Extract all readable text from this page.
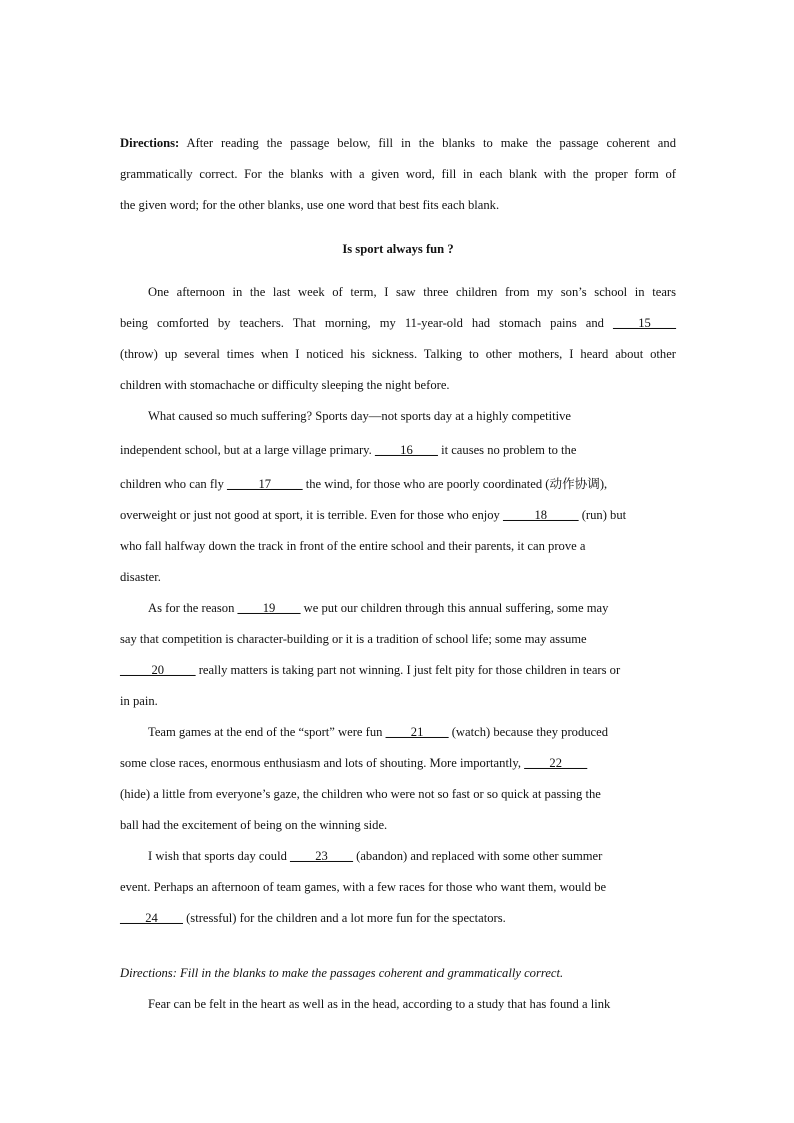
Directions: After reading the passage below, fill in the blanks to make the passage coherent and

grammatically correct. For the blanks with a given word, fill in each blank with the proper form of

the given word; for the other blanks, use one word that best fits each blank.

Is sport always fun ?

One afternoon in the last week of term, I saw three children from my son’s school in tears

being comforted by teachers. That morning, my 11-year-old had stomach pains and ____15____

(throw) up several times when I noticed his sickness. Talking to other mothers, I heard about other

children with stomachache or difficulty sleeping the night before.

What caused so much suffering? Sports day—not sports day at a highly competitive

independent school, but at a large village primary. ____16____ it causes no problem to the

children who can fly _____17_____ the wind, for those who are poorly coordinated (动作协调),

overweight or just not good at sport, it is terrible. Even for those who enjoy _____18_____ (run) but

who fall halfway down the track in front of the entire school and their parents, it can prove a

disaster.

As for the reason ____19____ we put our children through this annual suffering, some may

say that competition is character-building or it is a tradition of school life; some may assume

_____20_____ really matters is taking part not winning. I just felt pity for those children in tears or

in pain.

Team games at the end of the “sport” were fun ____21____ (watch) because they produced

some close races, enormous enthusiasm and lots of shouting. More importantly, ____22____

(hide) a little from everyone’s gaze, the children who were not so fast or so quick at passing the

ball had the excitement of being on the winning side.

I wish that sports day could ____23____ (abandon) and replaced with some other summer

event. Perhaps an afternoon of team games, with a few races for those who want them, would be

____24____ (stressful) for the children and a lot more fun for the spectators.

Directions: Fill in the blanks to make the passages coherent and grammatically correct.

Fear can be felt in the heart as well as in the head, according to a study that has found a link
